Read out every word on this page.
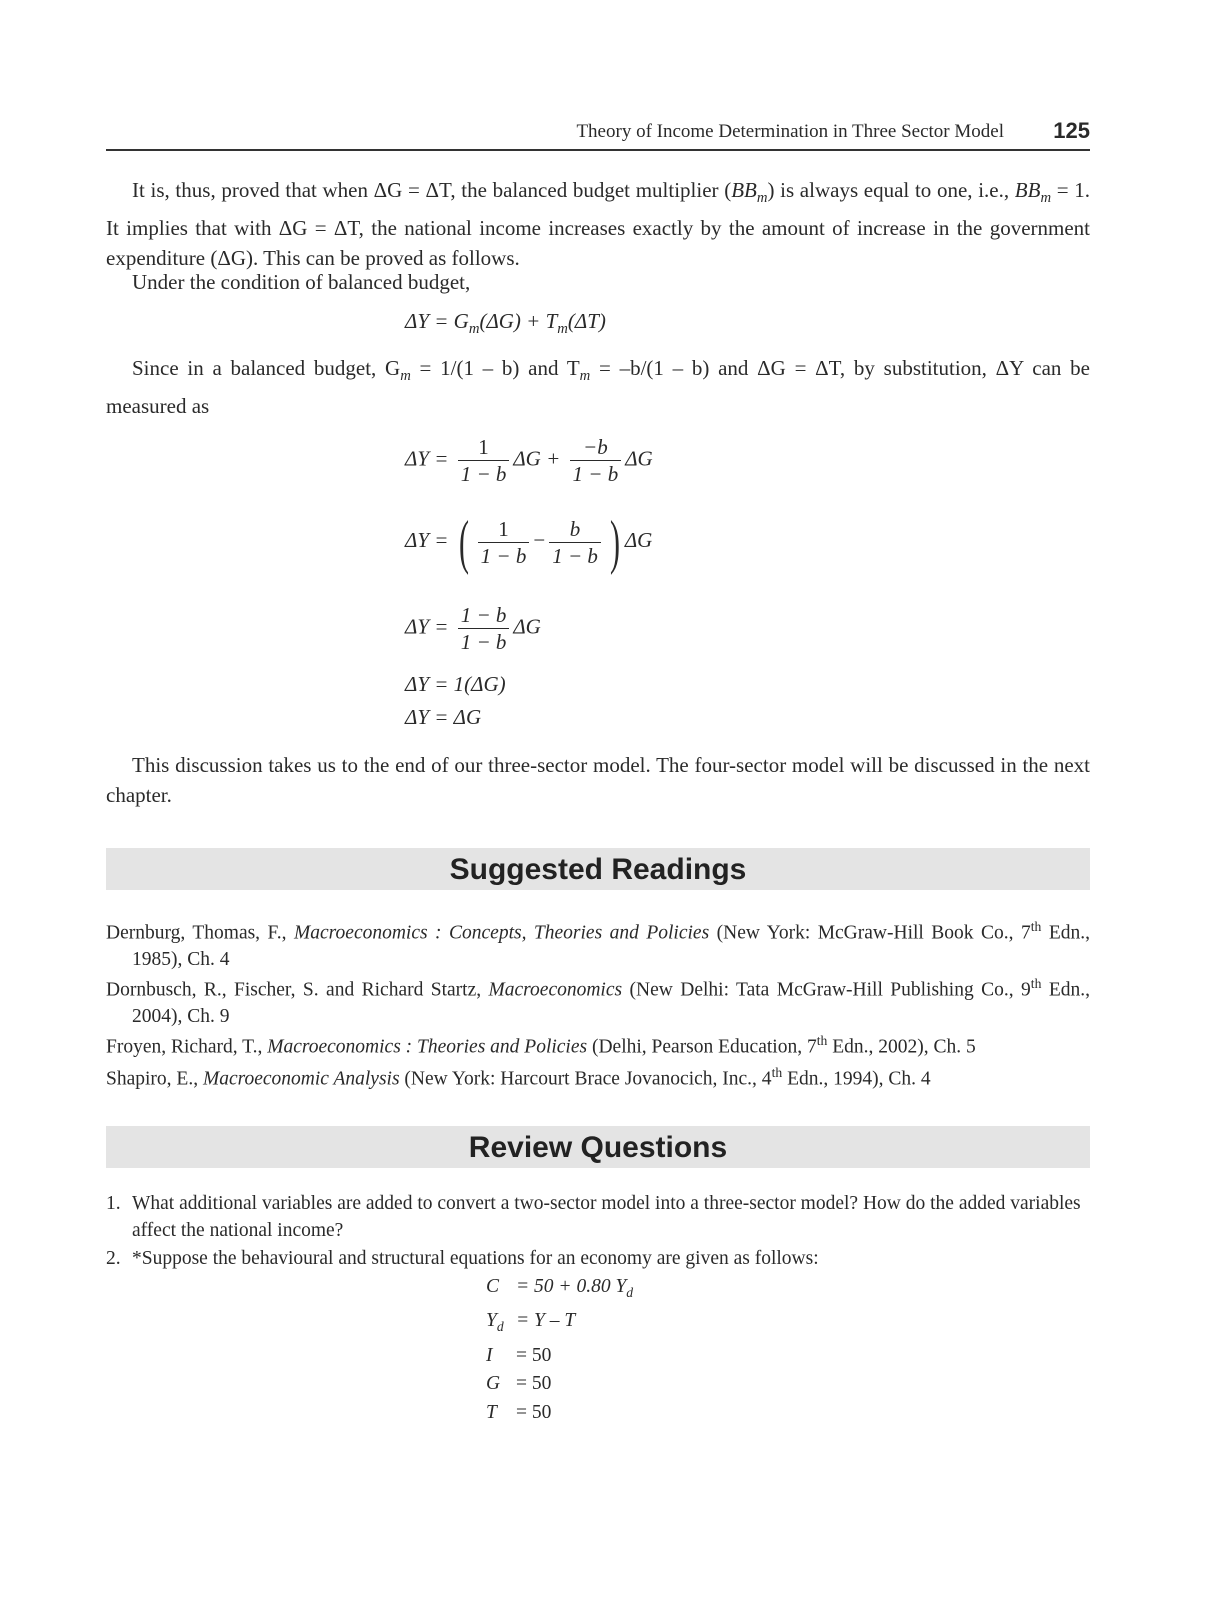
Theory of Income Determination in Three Sector Model 125
It is, thus, proved that when ΔG = ΔT, the balanced budget multiplier $(BB_m)$ is always equal to one, i.e., $BB_m = 1$. It implies that with ΔG = ΔT, the national income increases exactly by the amount of increase in the government expenditure (ΔG). This can be proved as follows.
Under the condition of balanced budget,
$\Delta Y = G_m(\Delta G) + T_m(\Delta T)$
Since in a balanced budget, $G_m = 1/(1 - b)$ and $T_m = -b/(1 - b)$ and ΔG = ΔT, by substitution, ΔY can be measured as
$\Delta Y = \frac{1}{1 - b}$ $\Delta G + \frac{-b}{1 - b}$ ΔG
ΔY = ( $\frac{1}{1 - b} - \frac{b}{1 - b}$ ) ΔG
$\Delta Y = \frac{1 - b}{1 - b}$ ΔG
ΔY = 1(ΔG)
ΔY = ΔG
This discussion takes us to the end of our three-sector model. The four-sector model will be discussed in the next chapter.
Suggested Readings
Dernburg, Thomas, F., Macroeconomics : Concepts, Theories and Policies (New York: McGraw-Hill Book Co., 7th Edn., 1985), Ch. 4
Dornbusch, R., Fischer, S. and Richard Startz, Macroeconomics (New Delhi: Tata McGraw-Hill Publishing Co., 9th Edn., 2004), Ch. 9
Froyen, Richard, T., Macroeconomics : Theories and Policies (Delhi, Pearson Education, 7th Edn., 2002), Ch. 5
Shapiro, E., Macroeconomic Analysis (New York: Harcourt Brace Jovanocich, Inc., 4th Edn., 1994), Ch. 4
Review Questions
1. What additional variables are added to convert a two-sector model into a three-sector model? How do the added variables affect the national income?
2. *Suppose the behavioural and structural equations for an economy are given as follows:
C = 50 + 0.80 $Y_d$
$Y_d = Y - T$
I = 50
G = 50
T = 50
